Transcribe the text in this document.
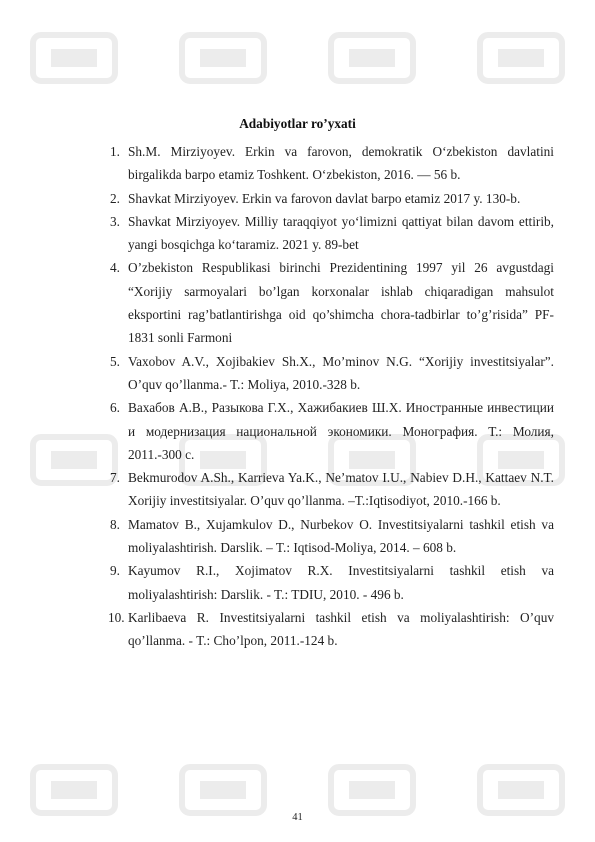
Adabiyotlar ro’yxati
1. Sh.M. Mirziyoyev. Erkin va farovon, demokratik O‘zbekiston davlatini birgalikda barpo etamiz Toshkent. O‘zbekiston, 2016. — 56 b.
2. Shavkat Mirziyoyev. Erkin va farovon davlat barpo etamiz 2017 y. 130-b.
3. Shavkat Mirziyoyev. Milliy taraqqiyot yo‘limizni qattiyat bilan davom ettirib, yangi bosqichga ko‘taramiz. 2021 y. 89-bet
4. O’zbekiston Respublikasi birinchi Prezidentining 1997 yil 26 avgustdagi “Xorijiy sarmoyalari bo’lgan korxonalar ishlab chiqaradigan mahsulot eksportini rag’batlantirishga oid qo’shimcha chora-tadbirlar to’g’risida” PF-1831 sonli Farmoni
5. Vaxobov A.V., Xojibakiev Sh.X., Mo’minov N.G. “Xorijiy investitsiyalar”. O’quv qo’llanma.- T.: Moliya, 2010.-328 b.
6. Вахабов А.В., Разыкова Г.Х., Хажибакиев Ш.Х. Иностранные инвестиции и модернизация национальной экономики. Монография. Т.: Молия, 2011.-300 с.
7. Bekmurodov A.Sh., Karrieva Ya.K., Ne’matov I.U., Nabiev D.H., Kattaev N.T. Xorijiy investitsiyalar. O’quv qo’llanma. –T.:Iqtisodiyot, 2010.-166 b.
8. Mamatov B., Xujamkulov D., Nurbekov O. Investitsiyalarni tashkil etish va moliyalashtirish. Darslik. – T.: Iqtisod-Moliya, 2014. – 608 b.
9. Kayumov R.I., Xojimatov R.X. Investitsiyalarni tashkil etish va moliyalashtirish: Darslik. - T.: TDIU, 2010. - 496 b.
10. Karlibaeva R. Investitsiyalarni tashkil etish va moliyalashtirish: O’quv qo’llanma. - T.: Cho’lpon, 2011.-124 b.
41
